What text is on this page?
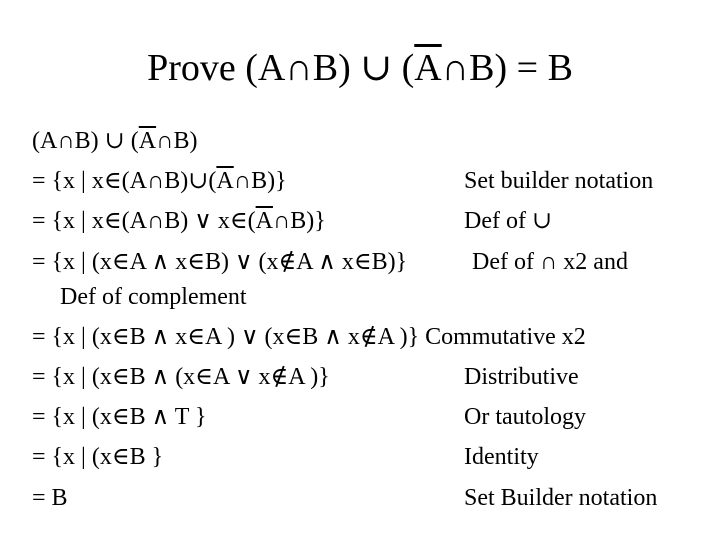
Prove (A∩B) ∪ $(\overline{A}\cap B) = B$
(A∩B) ∪ $(\overline{A}\cap B)$
= {x | $x\in(A\cap B)\cup(\overline{A}\cap B)$}	Set builder notation
= {x | x∈(A∩B) ∨ $x\in(\overline{A}\cap B)$}	Def of ∪
= {x | (x∈A ∧ x∈B) ∨ (x∉A ∧ x∈B)}	Def of ∩ x2 and
Def of complement
= {x | (x∈B ∧ x∈A ) ∨ (x∈B ∧ x∉A )} Commutative x2
= {x | (x∈B ∧ (x∈A ∨ x∉A )}	Distributive
= {x | (x∈B ∧ T }	Or tautology
= {x | (x∈B }	Identity
= B	Set Builder notation
